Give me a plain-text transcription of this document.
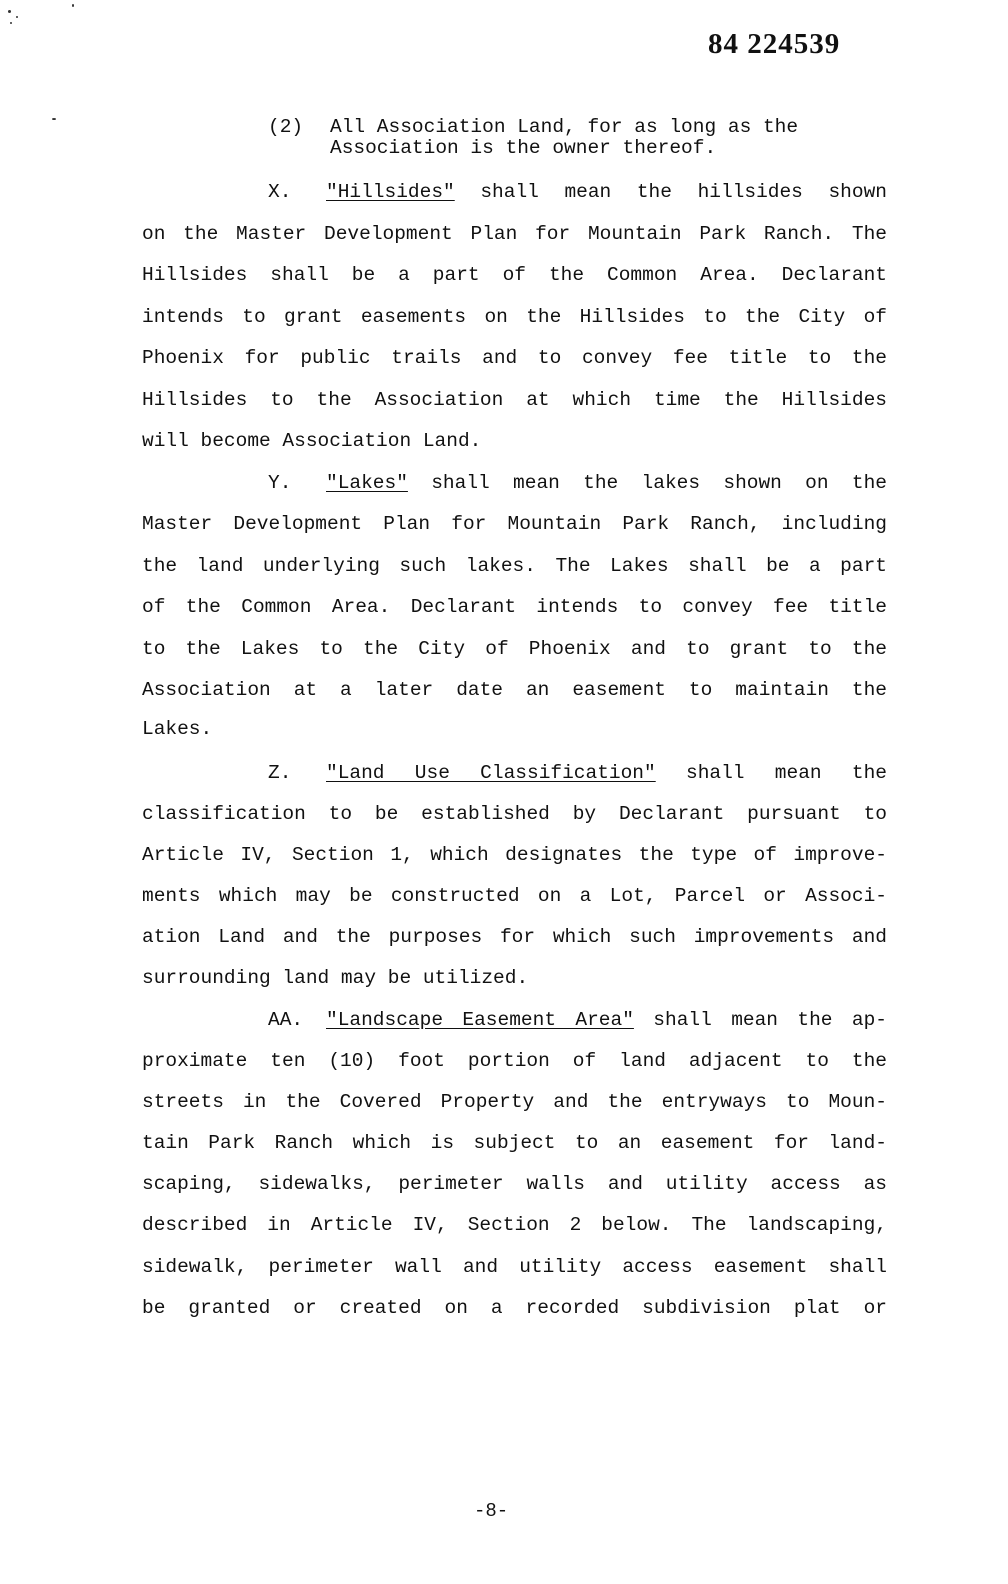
84 224539
(2) All Association Land, for as long as the
Association is the owner thereof.
X. "Hillsides" shall mean the hillsides shown
on the Master Development Plan for Mountain Park Ranch. The
Hillsides shall be a part of the Common Area. Declarant
intends to grant easements on the Hillsides to the City of
Phoenix for public trails and to convey fee title to the
Hillsides to the Association at which time the Hillsides
will become Association Land.
Y. "Lakes" shall mean the lakes shown on the
Master Development Plan for Mountain Park Ranch, including
the land underlying such lakes. The Lakes shall be a part
of the Common Area. Declarant intends to convey fee title
to the Lakes to the City of Phoenix and to grant to the
Association at a later date an easement to maintain the
Lakes.
Z. "Land Use Classification" shall mean the
classification to be established by Declarant pursuant to
Article IV, Section 1, which designates the type of improve-
ments which may be constructed on a Lot, Parcel or Associ-
ation Land and the purposes for which such improvements and
surrounding land may be utilized.
AA. "Landscape Easement Area" shall mean the ap-
proximate ten (10) foot portion of land adjacent to the
streets in the Covered Property and the entryways to Moun-
tain Park Ranch which is subject to an easement for land-
scaping, sidewalks, perimeter walls and utility access as
described in Article IV, Section 2 below. The landscaping,
sidewalk, perimeter wall and utility access easement shall
be granted or created on a recorded subdivision plat or
-8-
